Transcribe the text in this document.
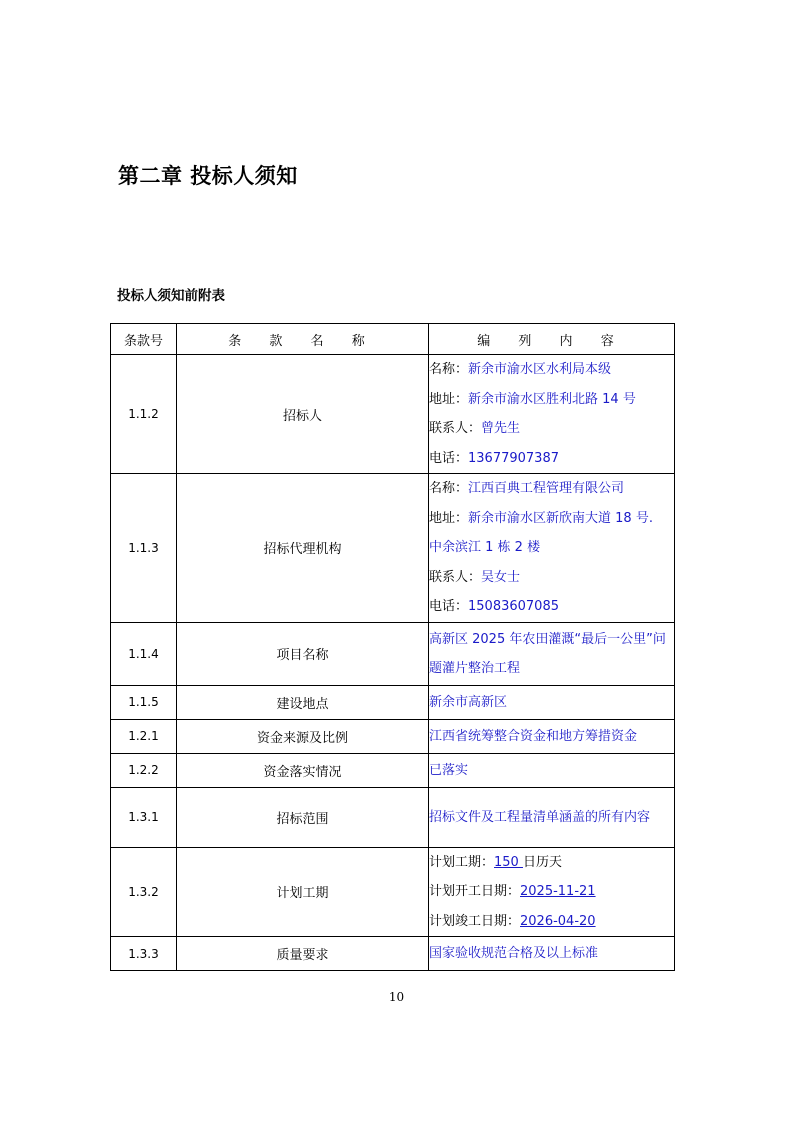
第二章 投标人须知
投标人须知前附表
条款号	条 款 名 称	编 列 内 容
1.1.2	招标人	名称：新余市渝水区水利局本级
地址：新余市渝水区胜利北路 14 号
联系人：曾先生
电话：13677907387

1.1.3	招标代理机构	名称：江西百典工程管理有限公司
地址：新余市渝水区新欣南大道 18 号.
中余滨江 1 栋 2 楼
联系人：吴女士
电话：15083607085

1.1.4	项目名称	高新区 2025 年农田灌溉“最后一公里”问题灌片整治工程

1.1.5	建设地点	新余市高新区

1.2.1	资金来源及比例	江西省统筹整合资金和地方筹措资金

1.2.2	资金落实情况	已落实

1.3.1	招标范围	招标文件及工程量清单涵盖的所有内容

1.3.2	计划工期	计划工期：150 日历天
计划开工日期：2025-11-21
计划竣工日期：2026-04-20

1.3.3	质量要求	国家验收规范合格及以上标准
10
